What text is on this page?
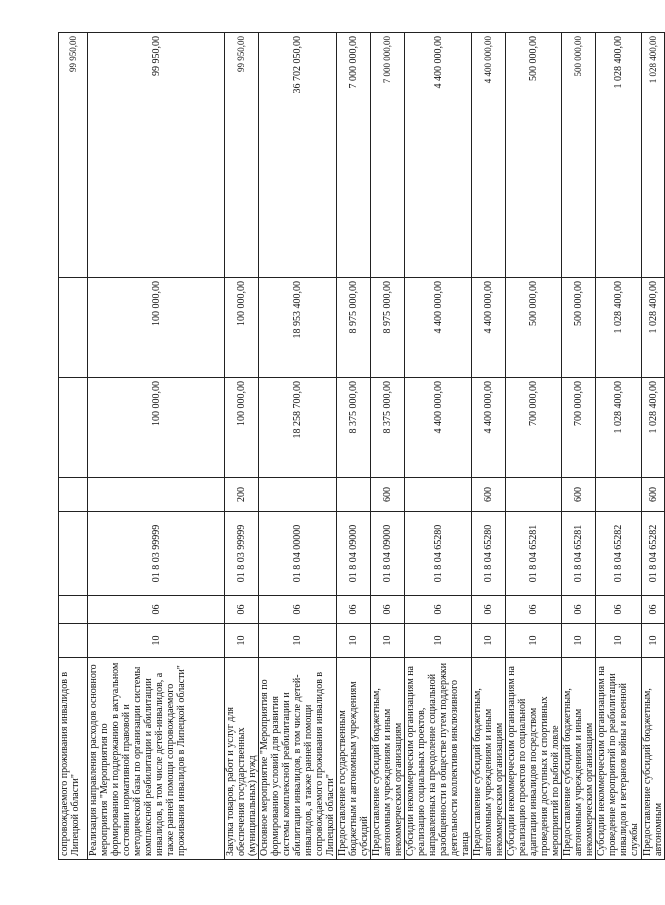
сопровождаемого проживания инвалидов в Липецкой области"							99 950,00
Реализация направления расходов основного мероприятия "Мероприятия по формированию и поддержанию в актуальном состоянии нормативной правовой и методической базы по организации системы комплексной реабилитации и абилитации инвалидов, в том числе детей-инвалидов, а также ранней помощи сопровождаемого проживания инвалидов в Липецкой области"	10	06	01 8 03 99999		100 000,00	100 000,00	99 950,00
Закупка товаров, работ и услуг для обеспечения государственных (муниципальных) нужд	10	06	01 8 03 99999	200	100 000,00	100 000,00	99 950,00
Основное мероприятие "Мероприятия по формированию условий для развития системы комплексной реабилитации и абилитации инвалидов, в том числе детей-инвалидов, а также ранней помощи сопровождаемого проживания инвалидов в Липецкой области"	10	06	01 8 04 00000		18 258 700,00	18 953 400,00	36 702 050,00
Предоставление государственным бюджетным и автономным учреждениям субсидий	10	06	01 8 04 09000		8 375 000,00	8 975 000,00	7 000 000,00
Предоставление субсидий бюджетным, автономным учреждениям и иным некоммерческим организациям	10	06	01 8 04 09000	600	8 375 000,00	8 975 000,00	7 000 000,00
Субсидии некоммерческим организациям на реализацию социальных проектов, направленных на преодоление социальной разобщенности в обществе путем поддержки деятельности коллективов инклюзивного танца	10	06	01 8 04 65280		4 400 000,00	4 400 000,00	4 400 000,00
Предоставление субсидий бюджетным, автономным учреждениям и иным некоммерческим организациям	10	06	01 8 04 65280	600	4 400 000,00	4 400 000,00	4 400 000,00
Субсидии некоммерческим организациям на реализацию проектов по социальной адаптации инвалидов посредством проведения доступных и спортивных мероприятий по рыбной ловле	10	06	01 8 04 65281		700 000,00	500 000,00	500 000,00
Предоставление субсидий бюджетным, автономным учреждениям и иным некоммерческим организациям	10	06	01 8 04 65281	600	700 000,00	500 000,00	500 000,00
Субсидии некоммерческим организациям на проведение мероприятий по реабилитации инвалидов и ветеранов войны и военной службы	10	06	01 8 04 65282		1 028 400,00	1 028 400,00	1 028 400,00
Предоставление субсидий бюджетным, автономным	10	06	01 8 04 65282	600	1 028 400,00	1 028 400,00	1 028 400,00
